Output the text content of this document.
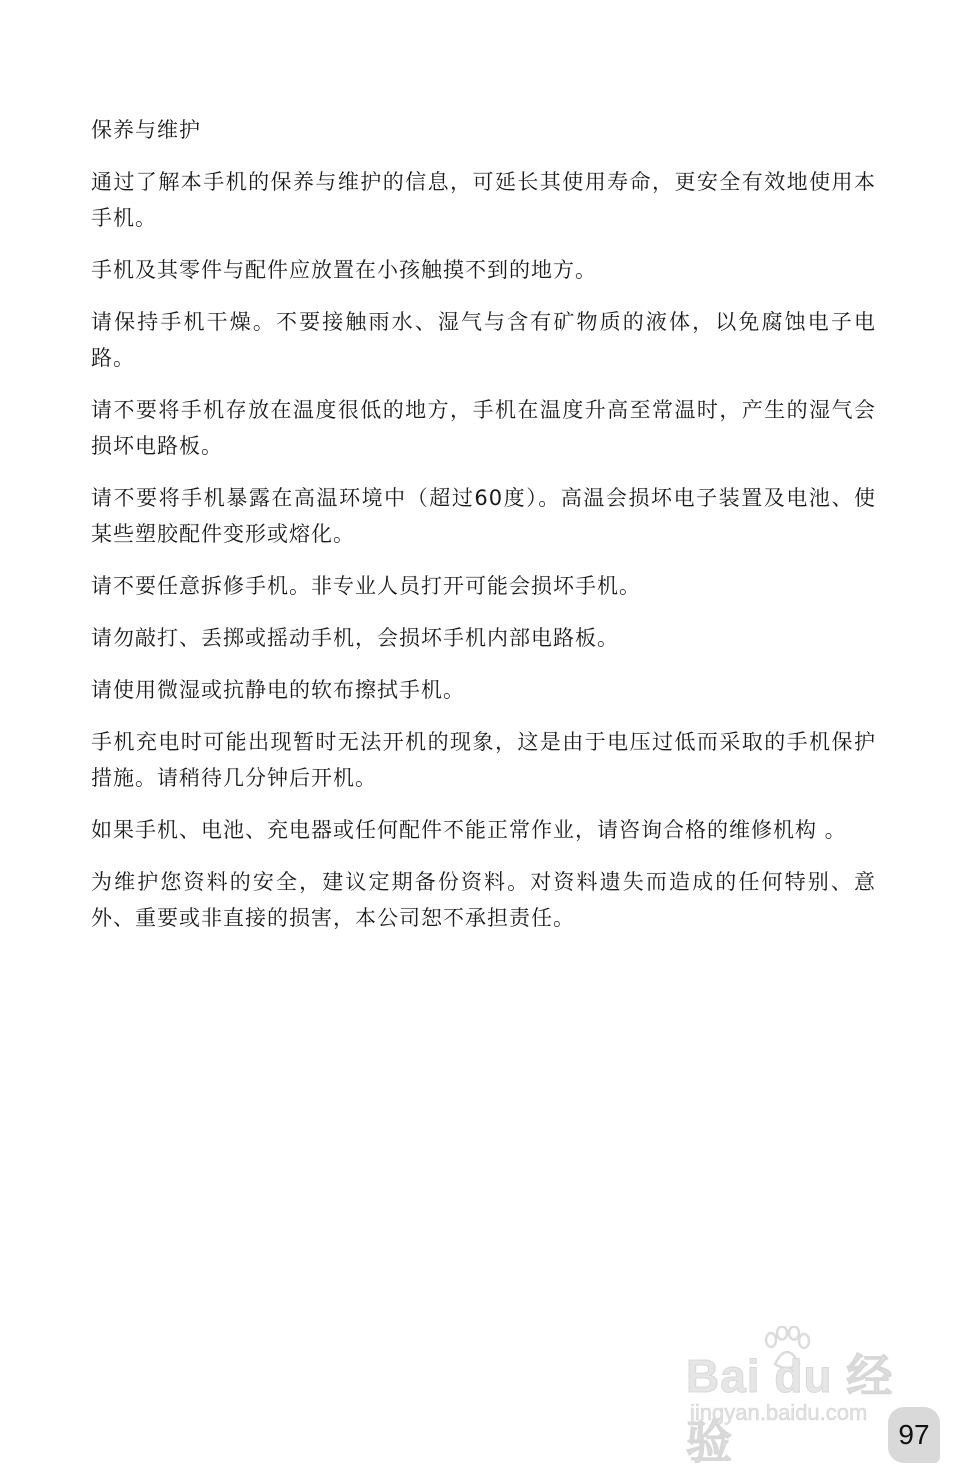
保养与维护

通过了解本手机的保养与维护的信息，可延长其使用寿命，更安全有效地使用本手机。

手机及其零件与配件应放置在小孩触摸不到的地方。

请保持手机干燥。不要接触雨水、湿气与含有矿物质的液体，以免腐蚀电子电路。

请不要将手机存放在温度很低的地方，手机在温度升高至常温时，产生的湿气会损坏电路板。

请不要将手机暴露在高温环境中（超过60度）。高温会损坏电子装置及电池、使某些塑胶配件变形或熔化。

请不要任意拆修手机。非专业人员打开可能会损坏手机。

请勿敲打、丢掷或摇动手机，会损坏手机内部电路板。

请使用微湿或抗静电的软布擦拭手机。

手机充电时可能出现暂时无法开机的现象，这是由于电压过低而采取的手机保护措施。请稍待几分钟后开机。

如果手机、电池、充电器或任何配件不能正常作业，请咨询合格的维修机构 。

为维护您资料的安全，建议定期备份资料。对资料遗失而造成的任何特别、意外、重要或非直接的损害，本公司恕不承担责任。

Bai du 经验
jingyan.baidu.com
97
